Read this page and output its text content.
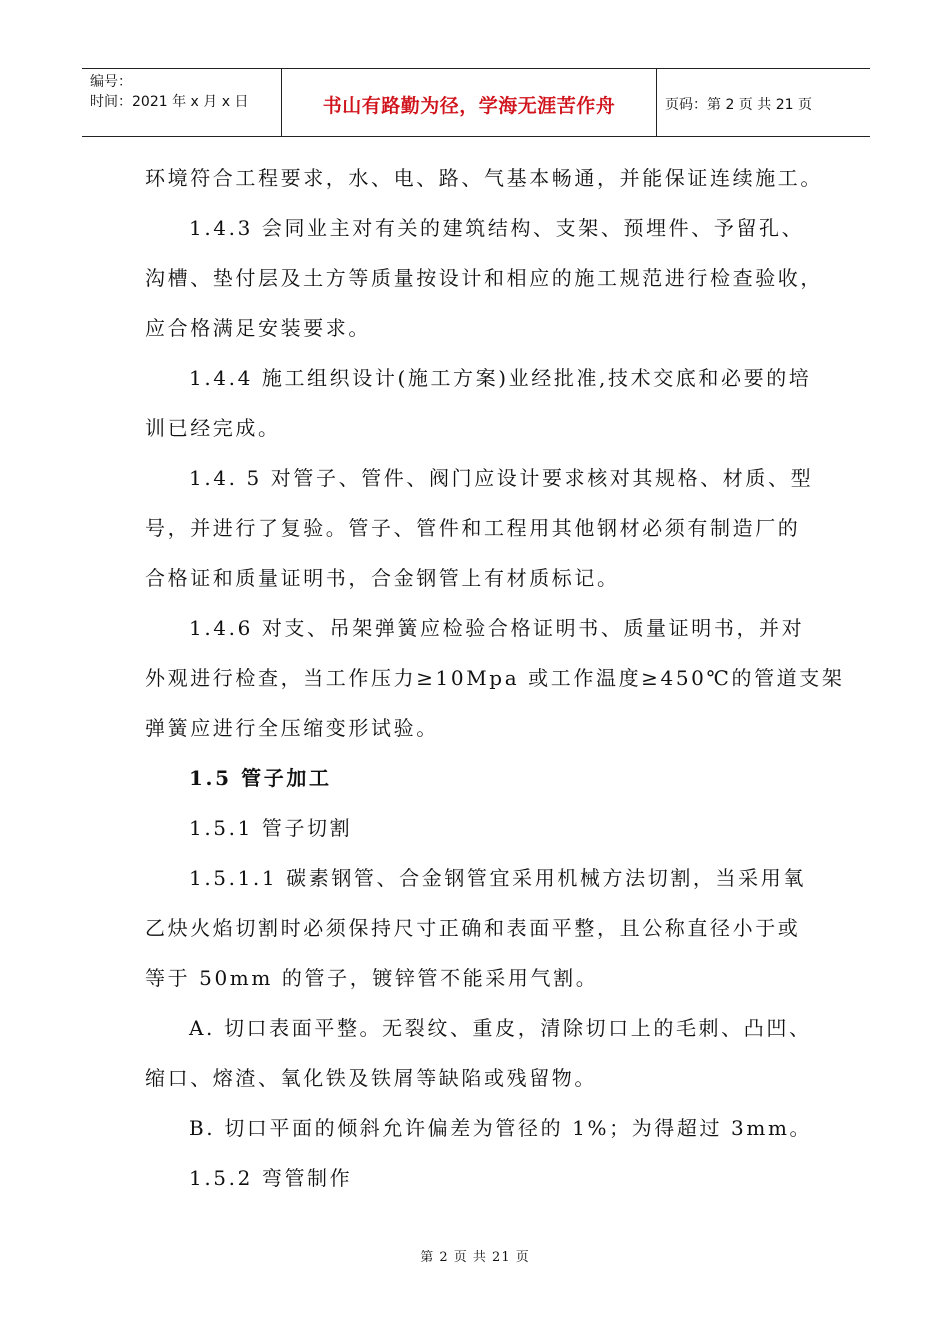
编号：
时间：2021 年 x 月 x 日	书山有路勤为径，学海无涯苦作舟	页码：第 2 页 共 21 页
环境符合工程要求，水、电、路、气基本畅通，并能保证连续施工。
1.4.3 会同业主对有关的建筑结构、支架、预埋件、予留孔、
沟槽、垫付层及土方等质量按设计和相应的施工规范进行检查验收，
应合格满足安装要求。
1.4.4 施工组织设计(施工方案)业经批准,技术交底和必要的培
训已经完成。
1.4. 5 对管子、管件、阀门应设计要求核对其规格、材质、型
号，并进行了复验。管子、管件和工程用其他钢材必须有制造厂的
合格证和质量证明书，合金钢管上有材质标记。
1.4.6 对支、吊架弹簧应检验合格证明书、质量证明书，并对
外观进行检查，当工作压力≥10Mpa 或工作温度≥450℃的管道支架
弹簧应进行全压缩变形试验。
1.5 管子加工
1.5.1 管子切割
1.5.1.1 碳素钢管、合金钢管宜采用机械方法切割，当采用氧
乙炔火焰切割时必须保持尺寸正确和表面平整，且公称直径小于或
等于 50mm 的管子，镀锌管不能采用气割。
A. 切口表面平整。无裂纹、重皮，清除切口上的毛刺、凸凹、
缩口、熔渣、氧化铁及铁屑等缺陷或残留物。
B. 切口平面的倾斜允许偏差为管径的 1%；为得超过 3mm。
1.5.2 弯管制作
第 2 页 共 21 页
